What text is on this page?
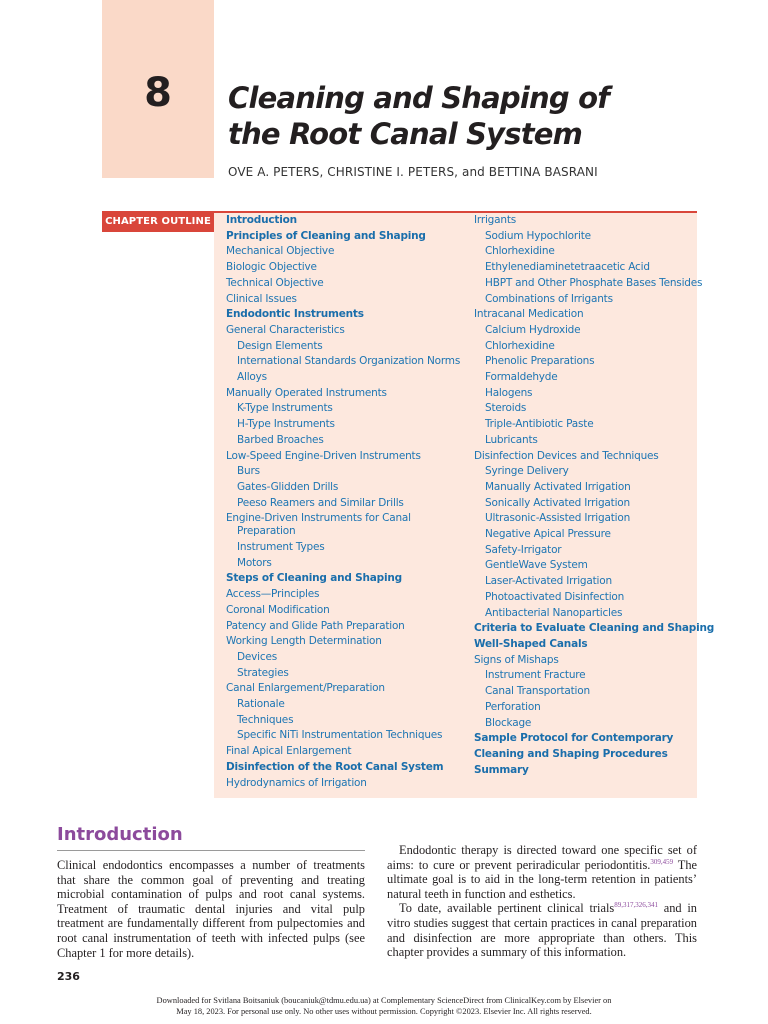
8	Cleaning and Shaping of
the Root Canal System
OVE A. PETERS, CHRISTINE I. PETERS, and BETTINA BASRANI
CHAPTER OUTLINE Introduction
Principles of Cleaning and Shaping
Mechanical Objective
Biologic Objective
Technical Objective
Clinical Issues
Endodontic Instruments
General Characteristics
Design Elements
International Standards Organization Norms
Alloys
Manually Operated Instruments
K-Type Instruments
H-Type Instruments
Barbed Broaches
Low-Speed Engine-Driven Instruments
Burs
Gates-Glidden Drills
Peeso Reamers and Similar Drills
Engine-Driven Instruments for Canal
Preparation
Instrument Types
Motors
Steps of Cleaning and Shaping
Access—Principles
Coronal Modification
Patency and Glide Path Preparation
Working Length Determination
Devices
Strategies
Canal Enlargement/Preparation
Rationale
Techniques
Specific NiTi Instrumentation Techniques
Final Apical Enlargement
Disinfection of the Root Canal System
Hydrodynamics of Irrigation
Irrigants
Sodium Hypochlorite
Chlorhexidine
Ethylenediaminetetraacetic Acid
HBPT and Other Phosphate Bases Tensides
Combinations of Irrigants
Intracanal Medication
Calcium Hydroxide
Chlorhexidine
Phenolic Preparations
Formaldehyde
Halogens
Steroids
Triple-Antibiotic Paste
Lubricants
Disinfection Devices and Techniques
Syringe Delivery
Manually Activated Irrigation
Sonically Activated Irrigation
Ultrasonic-Assisted Irrigation
Negative Apical Pressure
Safety-Irrigator
GentleWave System
Laser-Activated Irrigation
Photoactivated Disinfection
Antibacterial Nanoparticles
Criteria to Evaluate Cleaning and Shaping
Well-Shaped Canals
Signs of Mishaps
Instrument Fracture
Canal Transportation
Perforation
Blockage
Sample Protocol for Contemporary
Cleaning and Shaping Procedures
Summary
Introduction

Clinical endodontics encompasses a number of treatments that share the common goal of preventing and treating microbial contamination of pulps and root canal systems. Treatment of traumatic dental injuries and vital pulp treatment are fundamentally different from pulpectomies and root canal instrumentation of teeth with infected pulps (see Chapter 1 for more details).

Endodontic therapy is directed toward one specific set of aims: to cure or prevent periradicular periodontitis.$^{309,459}$ The ultimate goal is to aid in the long-term retention in patients’ natural teeth in function and esthetics.

To date, available pertinent clinical trials$^{89,317,326,341}$ and in vitro studies suggest that certain practices in canal preparation and disinfection are more appropriate than others. This chapter provides a summary of this information.

236
Downloaded for Svitlana Boitsaniuk (boucaniuk@tdmu.edu.ua) at Complementary ScienceDirect from ClinicalKey.com by Elsevier on
May 18, 2023. For personal use only. No other uses without permission. Copyright ©2023. Elsevier Inc. All rights reserved.
